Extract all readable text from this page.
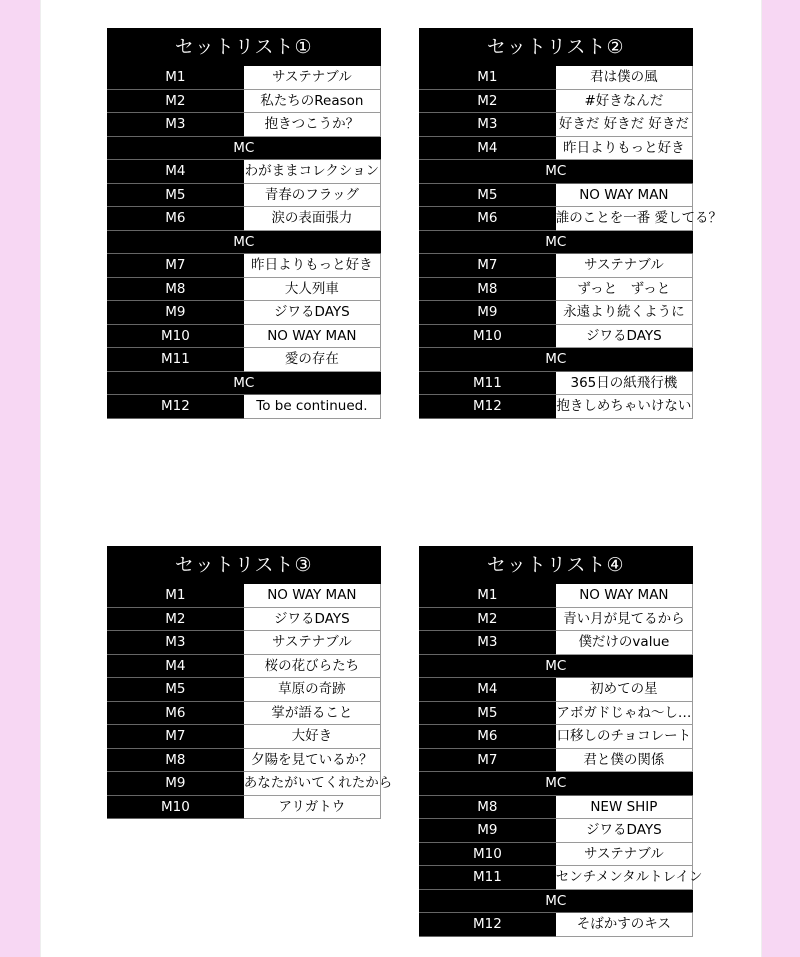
セットリスト①	
M1	サステナブル
M2	私たちのReason
M3	抱きつこうか？
MC	
M4	わがままコレクション
M5	青春のフラッグ
M6	涙の表面張力
MC	
M7	昨日よりもっと好き
M8	大人列車
M9	ジワるDAYS
M10	NO WAY MAN
M11	愛の存在
MC	
M12	To be continued.
セットリスト②	
M1	君は僕の風
M2	#好きなんだ
M3	好きだ 好きだ 好きだ
M4	昨日よりもっと好き
MC	
M5	NO WAY MAN
M6	誰のことを一番 愛してる？
MC	
M7	サステナブル
M8	ずっと　ずっと
M9	永遠より続くように
M10	ジワるDAYS
MC	
M11	365日の紙飛行機
M12	抱きしめちゃいけない
セットリスト③	
M1	NO WAY MAN
M2	ジワるDAYS
M3	サステナブル
M4	桜の花びらたち
M5	草原の奇跡
M6	掌が語ること
M7	大好き
M8	夕陽を見ているか？
M9	あなたがいてくれたから
M10	アリガトウ
セットリスト④	
M1	NO WAY MAN
M2	青い月が見てるから
M3	僕だけのvalue
MC	
M4	初めての星
M5	アボガドじゃね〜し…
M6	口移しのチョコレート
M7	君と僕の関係
MC	
M8	NEW SHIP
M9	ジワるDAYS
M10	サステナブル
M11	センチメンタルトレイン
MC	
M12	そばかすのキス
